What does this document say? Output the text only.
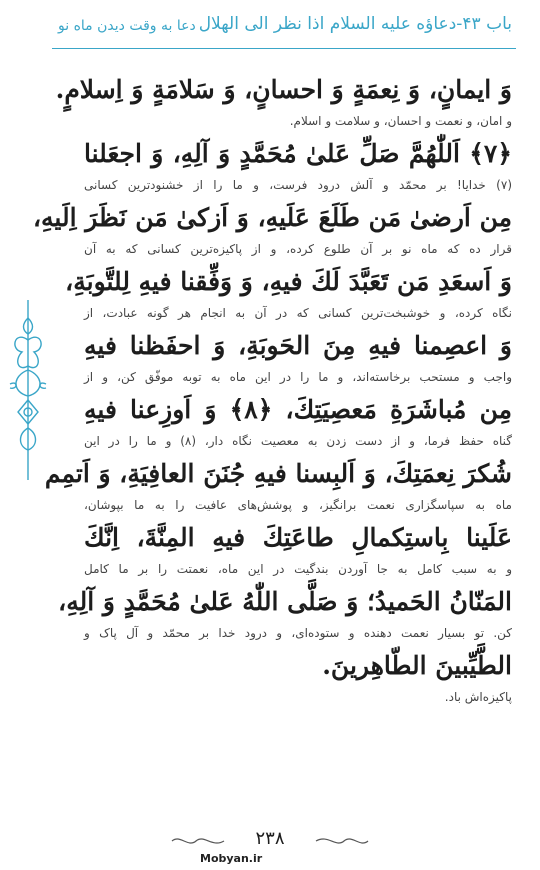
باب ۴۳-دعاؤه عليه السلام اذا نظر الى الهلال
دعا به وقت دیدن ماه نو
وَ ايمانٍ، وَ نِعمَةٍ وَ احسانٍ، وَ سَلامَةٍ وَ اِسلامٍ.
و امان، و نعمت و احسان، و سلامت و اسلام.
﴿۷﴾ اَللّٰهُمَّ صَلِّ عَلىٰ مُحَمَّدٍ وَ آلِهِ، وَ اجعَلنا
(۷) خدایا! بر محمّد و آلش درود فرست، و ما را از خشنودترین کسانی
مِن اَرضىٰ مَن طَلَعَ عَلَيهِ، وَ اَزكىٰ مَن نَظَرَ اِلَيهِ،
قرار ده که ماه نو بر آن طلوع کرده، و از پاکیزه‌ترین کسانی که به آن
وَ اَسعَدِ مَن تَعَبَّدَ لَكَ فيهِ، وَ وَفِّقنا فيهِ لِلتَّوبَةِ،
نگاه کرده، و خوشبخت‌ترین کسانی که در آن به انجام هر گونه عبادت، از
وَ اعصِمنا فيهِ مِنَ الحَوبَةِ، وَ احفَظنا فيهِ
واجب و مستحب برخاسته‌اند، و ما را در این ماه به توبه موفّق کن، و از
مِن مُباشَرَةِ مَعصِيَتِكَ، ﴿۸﴾ وَ اَوزِعنا فيهِ
گناه حفظ فرما، و از دست زدن به معصیت نگاه دار، (۸) و ما را در این
شُكرَ نِعمَتِكَ، وَ اَلبِسنا فيهِ جُنَنَ العافِيَةِ، وَ اَتمِم
ماه به سپاسگزاری نعمت برانگیز، و پوشش‌های عافیت را به ما بپوشان،
عَلَينا بِاستِكمالِ طاعَتِكَ فيهِ المِنَّةَ، اِنَّكَ
و به سبب کامل به جا آوردن بندگیت در این ماه، نعمتت را بر ما کامل
المَنّانُ الحَميدُ؛ وَ صَلَّى اللّٰهُ عَلىٰ مُحَمَّدٍ وَ آلِهِ،
کن. تو بسیار نعمت دهنده و ستوده‌ای، و درود خدا بر محمّد و آل پاک و
الطَّيِّبينَ الطّاهِرينَ.
پاکیزه‌اش باد.
۲۳۸
Mobyan.ir
